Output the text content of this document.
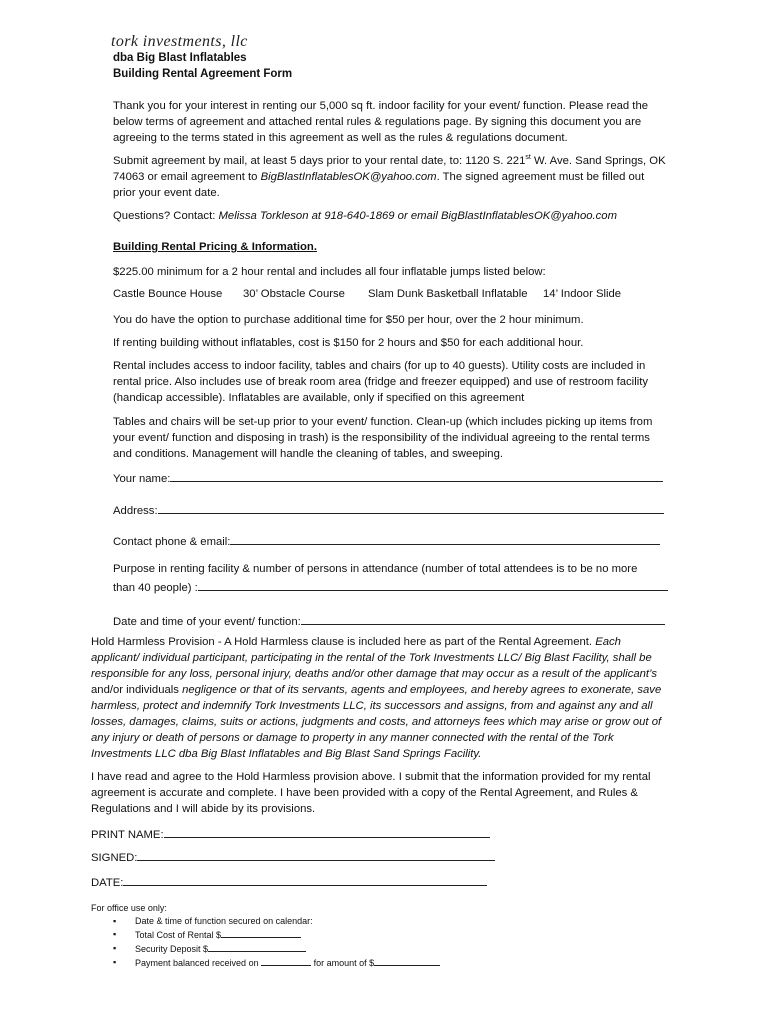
tork investments, llc
dba Big Blast Inflatables
Building Rental Agreement Form
Thank you for your interest in renting our 5,000 sq ft. indoor facility for your event/ function. Please read the
below terms of agreement and attached rental rules & regulations page. By signing this document you are
agreeing to the terms stated in this agreement as well as the rules & regulations document.
Submit agreement by mail, at least 5 days prior to your rental date, to: 1120 S. 221st W. Ave. Sand Springs, OK
74063 or email agreement to BigBlastInflatablesOK@yahoo.com. The signed agreement must be filled out
prior your event date.
Questions? Contact: Melissa Torkleson at 918-640-1869 or email BigBlastInflatablesOK@yahoo.com
Building Rental Pricing & Information.
$225.00 minimum for a 2 hour rental and includes all four inflatable jumps listed below:
Castle Bounce House 30’ Obstacle Course Slam Dunk Basketball Inflatable 14’ Indoor Slide
You do have the option to purchase additional time for $50 per hour, over the 2 hour minimum.
If renting building without inflatables, cost is $150 for 2 hours and $50 for each additional hour.
Rental includes access to indoor facility, tables and chairs (for up to 40 guests). Utility costs are included in
rental price. Also includes use of break room area (fridge and freezer equipped) and use of restroom facility
(handicap accessible). Inflatables are available, only if specified on this agreement
Tables and chairs will be set-up prior to your event/ function. Clean-up (which includes picking up items from
your event/ function and disposing in trash) is the responsibility of the individual agreeing to the rental terms
and conditions. Management will handle the cleaning of tables, and sweeping.
Your name:
Address:
Contact phone & email:
Purpose in renting facility & number of persons in attendance (number of total attendees is to be no more
than 40 people) :
Date and time of your event/ function:
Hold Harmless Provision - A Hold Harmless clause is included here as part of the Rental Agreement. Each
applicant/ individual participant, participating in the rental of the Tork Investments LLC/ Big Blast Facility, shall be
responsible for any loss, personal injury, deaths and/or other damage that may occur as a result of the applicant’s
and/or individuals negligence or that of its servants, agents and employees, and hereby agrees to exonerate, save
harmless, protect and indemnify Tork Investments LLC, its successors and assigns, from and against any and all
losses, damages, claims, suits or actions, judgments and costs, and attorneys fees which may arise or grow out of
any injury or death of persons or damage to property in any manner connected with the rental of the Tork
Investments LLC dba Big Blast Inflatables and Big Blast Sand Springs Facility.
I have read and agree to the Hold Harmless provision above. I submit that the information provided for my rental
agreement is accurate and complete. I have been provided with a copy of the Rental Agreement, and Rules &
Regulations and I will abide by its provisions.
PRINT NAME:
SIGNED:
DATE:
For office use only:
▪ Date & time of function secured on calendar:
▪ Total Cost of Rental $
▪ Security Deposit $
▪ Payment balanced received on	for amount of $
